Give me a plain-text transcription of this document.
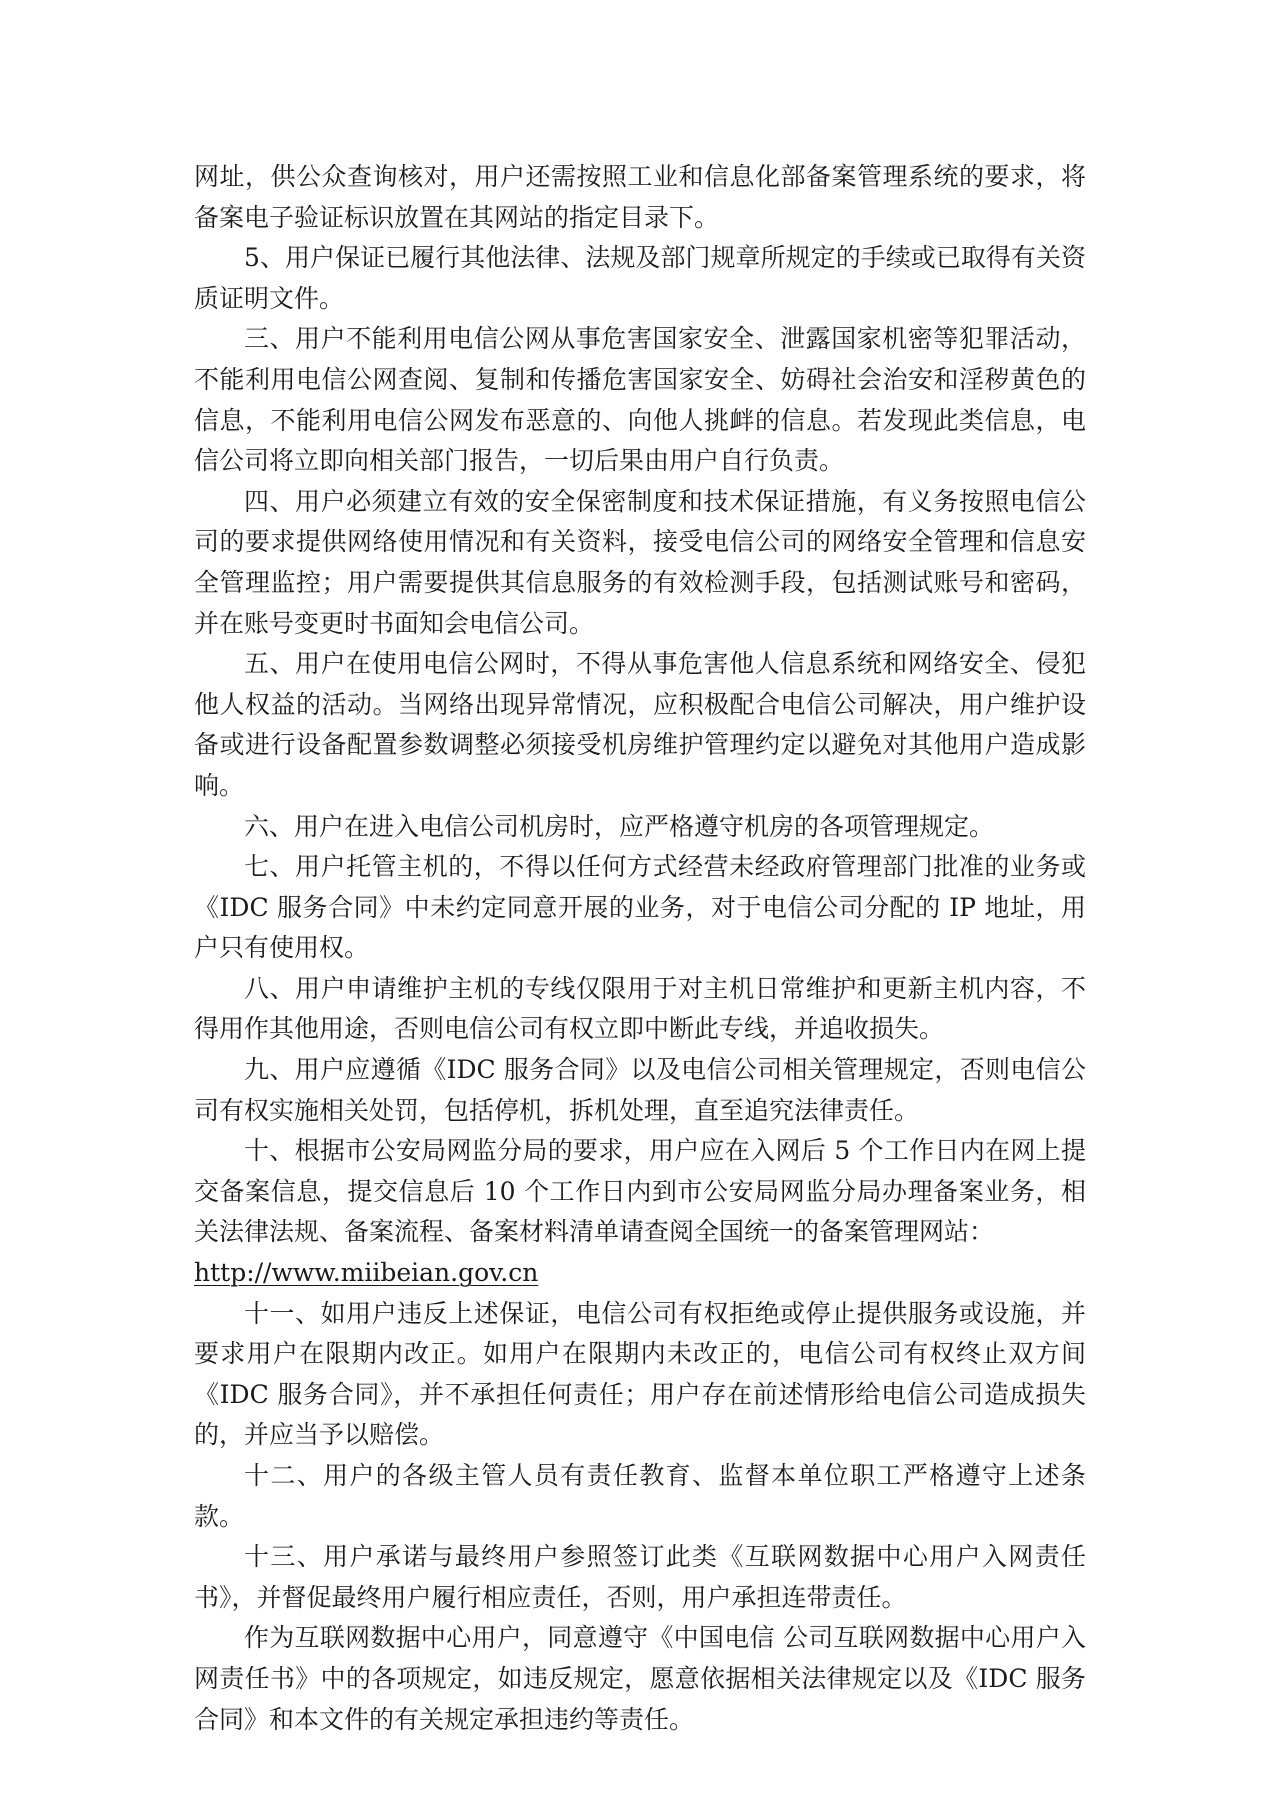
网址，供公众查询核对，用户还需按照工业和信息化部备案管理系统的要求，将备案电子验证标识放置在其网站的指定目录下。

5、用户保证已履行其他法律、法规及部门规章所规定的手续或已取得有关资质证明文件。

三、用户不能利用电信公网从事危害国家安全、泄露国家机密等犯罪活动，不能利用电信公网查阅、复制和传播危害国家安全、妨碍社会治安和淫秽黄色的信息，不能利用电信公网发布恶意的、向他人挑衅的信息。若发现此类信息，电信公司将立即向相关部门报告，一切后果由用户自行负责。

四、用户必须建立有效的安全保密制度和技术保证措施，有义务按照电信公司的要求提供网络使用情况和有关资料，接受电信公司的网络安全管理和信息安全管理监控；用户需要提供其信息服务的有效检测手段，包括测试账号和密码，并在账号变更时书面知会电信公司。

五、用户在使用电信公网时，不得从事危害他人信息系统和网络安全、侵犯他人权益的活动。当网络出现异常情况，应积极配合电信公司解决，用户维护设备或进行设备配置参数调整必须接受机房维护管理约定以避免对其他用户造成影响。

六、用户在进入电信公司机房时，应严格遵守机房的各项管理规定。

七、用户托管主机的，不得以任何方式经营未经政府管理部门批准的业务或《IDC 服务合同》中未约定同意开展的业务，对于电信公司分配的 IP 地址，用户只有使用权。

八、用户申请维护主机的专线仅限用于对主机日常维护和更新主机内容，不得用作其他用途，否则电信公司有权立即中断此专线，并追收损失。

九、用户应遵循《IDC 服务合同》以及电信公司相关管理规定，否则电信公司有权实施相关处罚，包括停机，拆机处理，直至追究法律责任。

十、根据市公安局网监分局的要求，用户应在入网后 5 个工作日内在网上提交备案信息，提交信息后 10 个工作日内到市公安局网监分局办理备案业务，相关法律法规、备案流程、备案材料清单请查阅全国统一的备案管理网站：

http://www.miibeian.gov.cn

十一、如用户违反上述保证，电信公司有权拒绝或停止提供服务或设施，并要求用户在限期内改正。如用户在限期内未改正的，电信公司有权终止双方间《IDC 服务合同》，并不承担任何责任；用户存在前述情形给电信公司造成损失的，并应当予以赔偿。

十二、用户的各级主管人员有责任教育、监督本单位职工严格遵守上述条款。

十三、用户承诺与最终用户参照签订此类《互联网数据中心用户入网责任书》，并督促最终用户履行相应责任，否则，用户承担连带责任。

作为互联网数据中心用户，同意遵守《中国电信 公司互联网数据中心用户入网责任书》中的各项规定，如违反规定，愿意依据相关法律规定以及《IDC 服务合同》和本文件的有关规定承担违约等责任。
